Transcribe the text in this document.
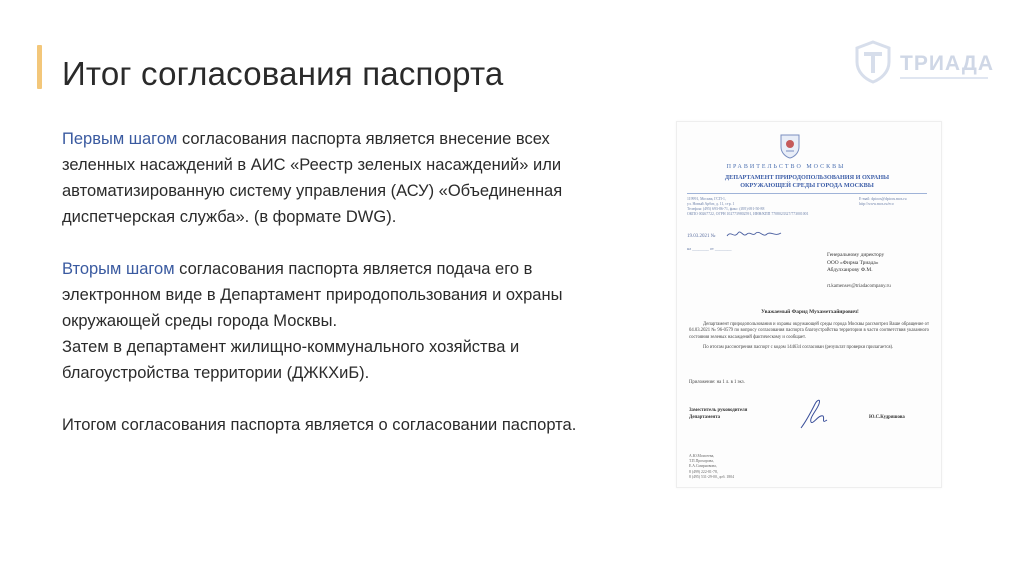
Итог согласования паспорта	ТРИАДА

Первым шагом согласования паспорта является внесение всех зеленных насаждений в АИС «Реестр зеленых насаждений» или автоматизированную систему управления (АСУ) «Объединенная диспетчерская служба». (в формате DWG).

Вторым шагом согласования паспорта является подача его в электронном виде в Департамент природопользования и охраны окружающей среды города Москвы.

Затем в департамент жилищно-коммунального хозяйства и благоустройства территории (ДЖКХиБ).

Итогом согласования паспорта является о согласовании паспорта.

ПРАВИТЕЛЬСТВО МОСКВЫ
ДЕПАРТАМЕНТ ПРИРОДОПОЛЬЗОВАНИЯ И ОХРАНЫ
ОКРУЖАЮЩЕЙ СРЕДЫ ГОРОДА МОСКВЫ
119991, Москва, ГСП-1,
ул. Новый Арбат, д. 11, стр. 1
Телефон: (495) 693-86-71, факс: (495) 691-50-88
ОКПО 00267722, ОГРН 1027739802591, ИНН/КПП 7708023327/773001001
E-mail: dpioos@dpioos.mos.ru
http://www.mos.ru/eco
19.03.2021 №
на ________ от ________
Генеральному директору
ООО «Фирма Триада»
Абдулхаирову Ф.М.
rt.kamensev@triadacompany.ru
Уважаемый Фарид Мухаметхайирович!

Департамент природопользования и охраны окружающей среды города Москвы рассмотрел Ваше обращение от 04.03.2021 № 96-0579 по вопросу согласования паспорта благоустройства территории в части соответствия указанного состояния зеленых насаждений фактическому и сообщает.

По итогам рассмотрения паспорт с кодом 144634 согласован (результат проверки прилагается).

Приложение: на 1 л. в 1 экз.
Заместитель руководителя
Департамента	Ю.С.Кудряшова
А.Ю.Моисеева,
Т.П.Прохорова,
Е.А.Смирновова,
8 (499) 222-81-78,
8 (495) 531-29-00, доб. 1804
